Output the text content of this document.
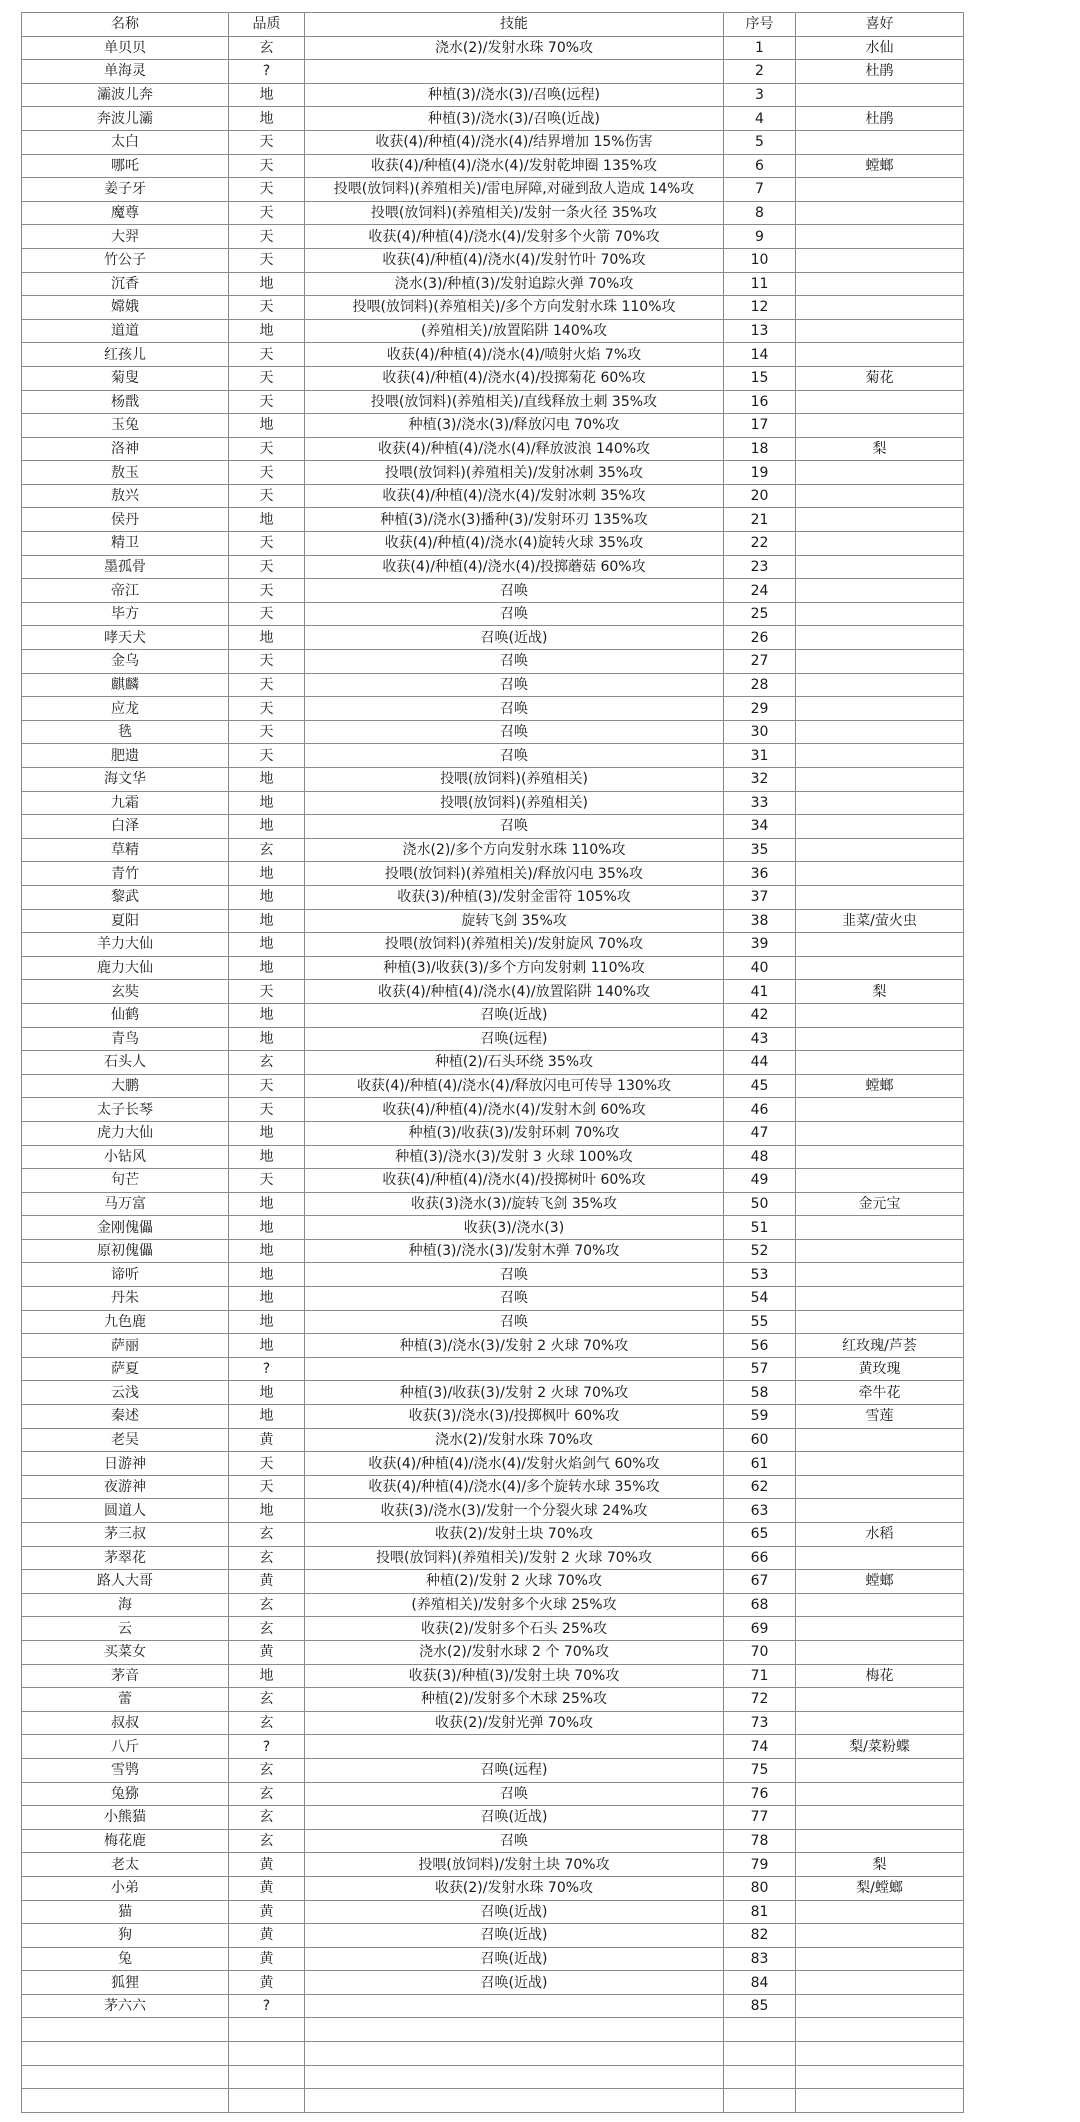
名称	品质	技能	序号	喜好
单贝贝	玄	浇水(2)/发射水珠 70%攻	1	水仙
单海灵	?		2	杜鹃
灞波儿奔	地	种植(3)/浇水(3)/召唤(远程)	3	
奔波儿灞	地	种植(3)/浇水(3)/召唤(近战)	4	杜鹃
太白	天	收获(4)/种植(4)/浇水(4)/结界增加 15%伤害	5	
哪吒	天	收获(4)/种植(4)/浇水(4)/发射乾坤圈 135%攻	6	螳螂
姜子牙	天	投喂(放饲料)(养殖相关)/雷电屏障,对碰到敌人造成 14%攻	7	
魔尊	天	投喂(放饲料)(养殖相关)/发射一条火径 35%攻	8	
大羿	天	收获(4)/种植(4)/浇水(4)/发射多个火箭 70%攻	9	
竹公子	天	收获(4)/种植(4)/浇水(4)/发射竹叶 70%攻	10	
沉香	地	浇水(3)/种植(3)/发射追踪火弹 70%攻	11	
嫦娥	天	投喂(放饲料)(养殖相关)/多个方向发射水珠 110%攻	12	
道道	地	(养殖相关)/放置陷阱 140%攻	13	
红孩儿	天	收获(4)/种植(4)/浇水(4)/喷射火焰 7%攻	14	
菊叟	天	收获(4)/种植(4)/浇水(4)/投掷菊花 60%攻	15	菊花
杨戬	天	投喂(放饲料)(养殖相关)/直线释放土刺 35%攻	16	
玉兔	地	种植(3)/浇水(3)/释放闪电 70%攻	17	
洛神	天	收获(4)/种植(4)/浇水(4)/释放波浪 140%攻	18	梨
敖玉	天	投喂(放饲料)(养殖相关)/发射冰刺 35%攻	19	
敖兴	天	收获(4)/种植(4)/浇水(4)/发射冰刺 35%攻	20	
侯丹	地	种植(3)/浇水(3)播种(3)/发射环刃 135%攻	21	
精卫	天	收获(4)/种植(4)/浇水(4)旋转火球 35%攻	22	
墨孤骨	天	收获(4)/种植(4)/浇水(4)/投掷蘑菇 60%攻	23	
帝江	天	召唤	24	
毕方	天	召唤	25	
哮天犬	地	召唤(近战)	26	
金乌	天	召唤	27	
麒麟	天	召唤	28	
应龙	天	召唤	29	
毨	天	召唤	30	
肥遗	天	召唤	31	
海文华	地	投喂(放饲料)(养殖相关)	32	
九霜	地	投喂(放饲料)(养殖相关)	33	
白泽	地	召唤	34	
草精	玄	浇水(2)/多个方向发射水珠 110%攻	35	
青竹	地	投喂(放饲料)(养殖相关)/释放闪电 35%攻	36	
黎武	地	收获(3)/种植(3)/发射金雷符 105%攻	37	
夏阳	地	旋转飞剑 35%攻	38	韭菜/萤火虫
羊力大仙	地	投喂(放饲料)(养殖相关)/发射旋风 70%攻	39	
鹿力大仙	地	种植(3)/收获(3)/多个方向发射刺 110%攻	40	
玄奘	天	收获(4)/种植(4)/浇水(4)/放置陷阱 140%攻	41	梨
仙鹤	地	召唤(近战)	42	
青鸟	地	召唤(远程)	43	
石头人	玄	种植(2)/石头环绕 35%攻	44	
大鹏	天	收获(4)/种植(4)/浇水(4)/释放闪电可传导 130%攻	45	螳螂
太子长琴	天	收获(4)/种植(4)/浇水(4)/发射木剑 60%攻	46	
虎力大仙	地	种植(3)/收获(3)/发射环刺 70%攻	47	
小钻风	地	种植(3)/浇水(3)/发射 3 火球 100%攻	48	
句芒	天	收获(4)/种植(4)/浇水(4)/投掷树叶 60%攻	49	
马万富	地	收获(3)浇水(3)/旋转飞剑 35%攻	50	金元宝
金刚傀儡	地	收获(3)/浇水(3)	51	
原初傀儡	地	种植(3)/浇水(3)/发射木弹 70%攻	52	
谛听	地	召唤	53	
丹朱	地	召唤	54	
九色鹿	地	召唤	55	
萨丽	地	种植(3)/浇水(3)/发射 2 火球 70%攻	56	红玫瑰/芦荟
萨夏	?		57	黄玫瑰
云浅	地	种植(3)/收获(3)/发射 2 火球 70%攻	58	牵牛花
秦述	地	收获(3)/浇水(3)/投掷枫叶 60%攻	59	雪莲
老吴	黄	浇水(2)/发射水珠 70%攻	60	
日游神	天	收获(4)/种植(4)/浇水(4)/发射火焰剑气 60%攻	61	
夜游神	天	收获(4)/种植(4)/浇水(4)/多个旋转水球 35%攻	62	
圆道人	地	收获(3)/浇水(3)/发射一个分裂火球 24%攻	63	
茅三叔	玄	收获(2)/发射土块 70%攻	65	水稻
茅翠花	玄	投喂(放饲料)(养殖相关)/发射 2 火球 70%攻	66	
路人大哥	黄	种植(2)/发射 2 火球 70%攻	67	螳螂
海	玄	(养殖相关)/发射多个火球 25%攻	68	
云	玄	收获(2)/发射多个石头 25%攻	69	
买菜女	黄	浇水(2)/发射水球 2 个 70%攻	70	
茅音	地	收获(3)/种植(3)/发射土块 70%攻	71	梅花
蕾	玄	种植(2)/发射多个木球 25%攻	72	
叔叔	玄	收获(2)/发射光弹 70%攻	73	
八斤	?		74	梨/菜粉蝶
雪鸮	玄	召唤(远程)	75	
兔猕	玄	召唤	76	
小熊猫	玄	召唤(近战)	77	
梅花鹿	玄	召唤	78	
老太	黄	投喂(放饲料)/发射土块 70%攻	79	梨
小弟	黄	收获(2)/发射水珠 70%攻	80	梨/螳螂
猫	黄	召唤(近战)	81	
狗	黄	召唤(近战)	82	
兔	黄	召唤(近战)	83	
狐狸	黄	召唤(近战)	84	
茅六六	?		85	
